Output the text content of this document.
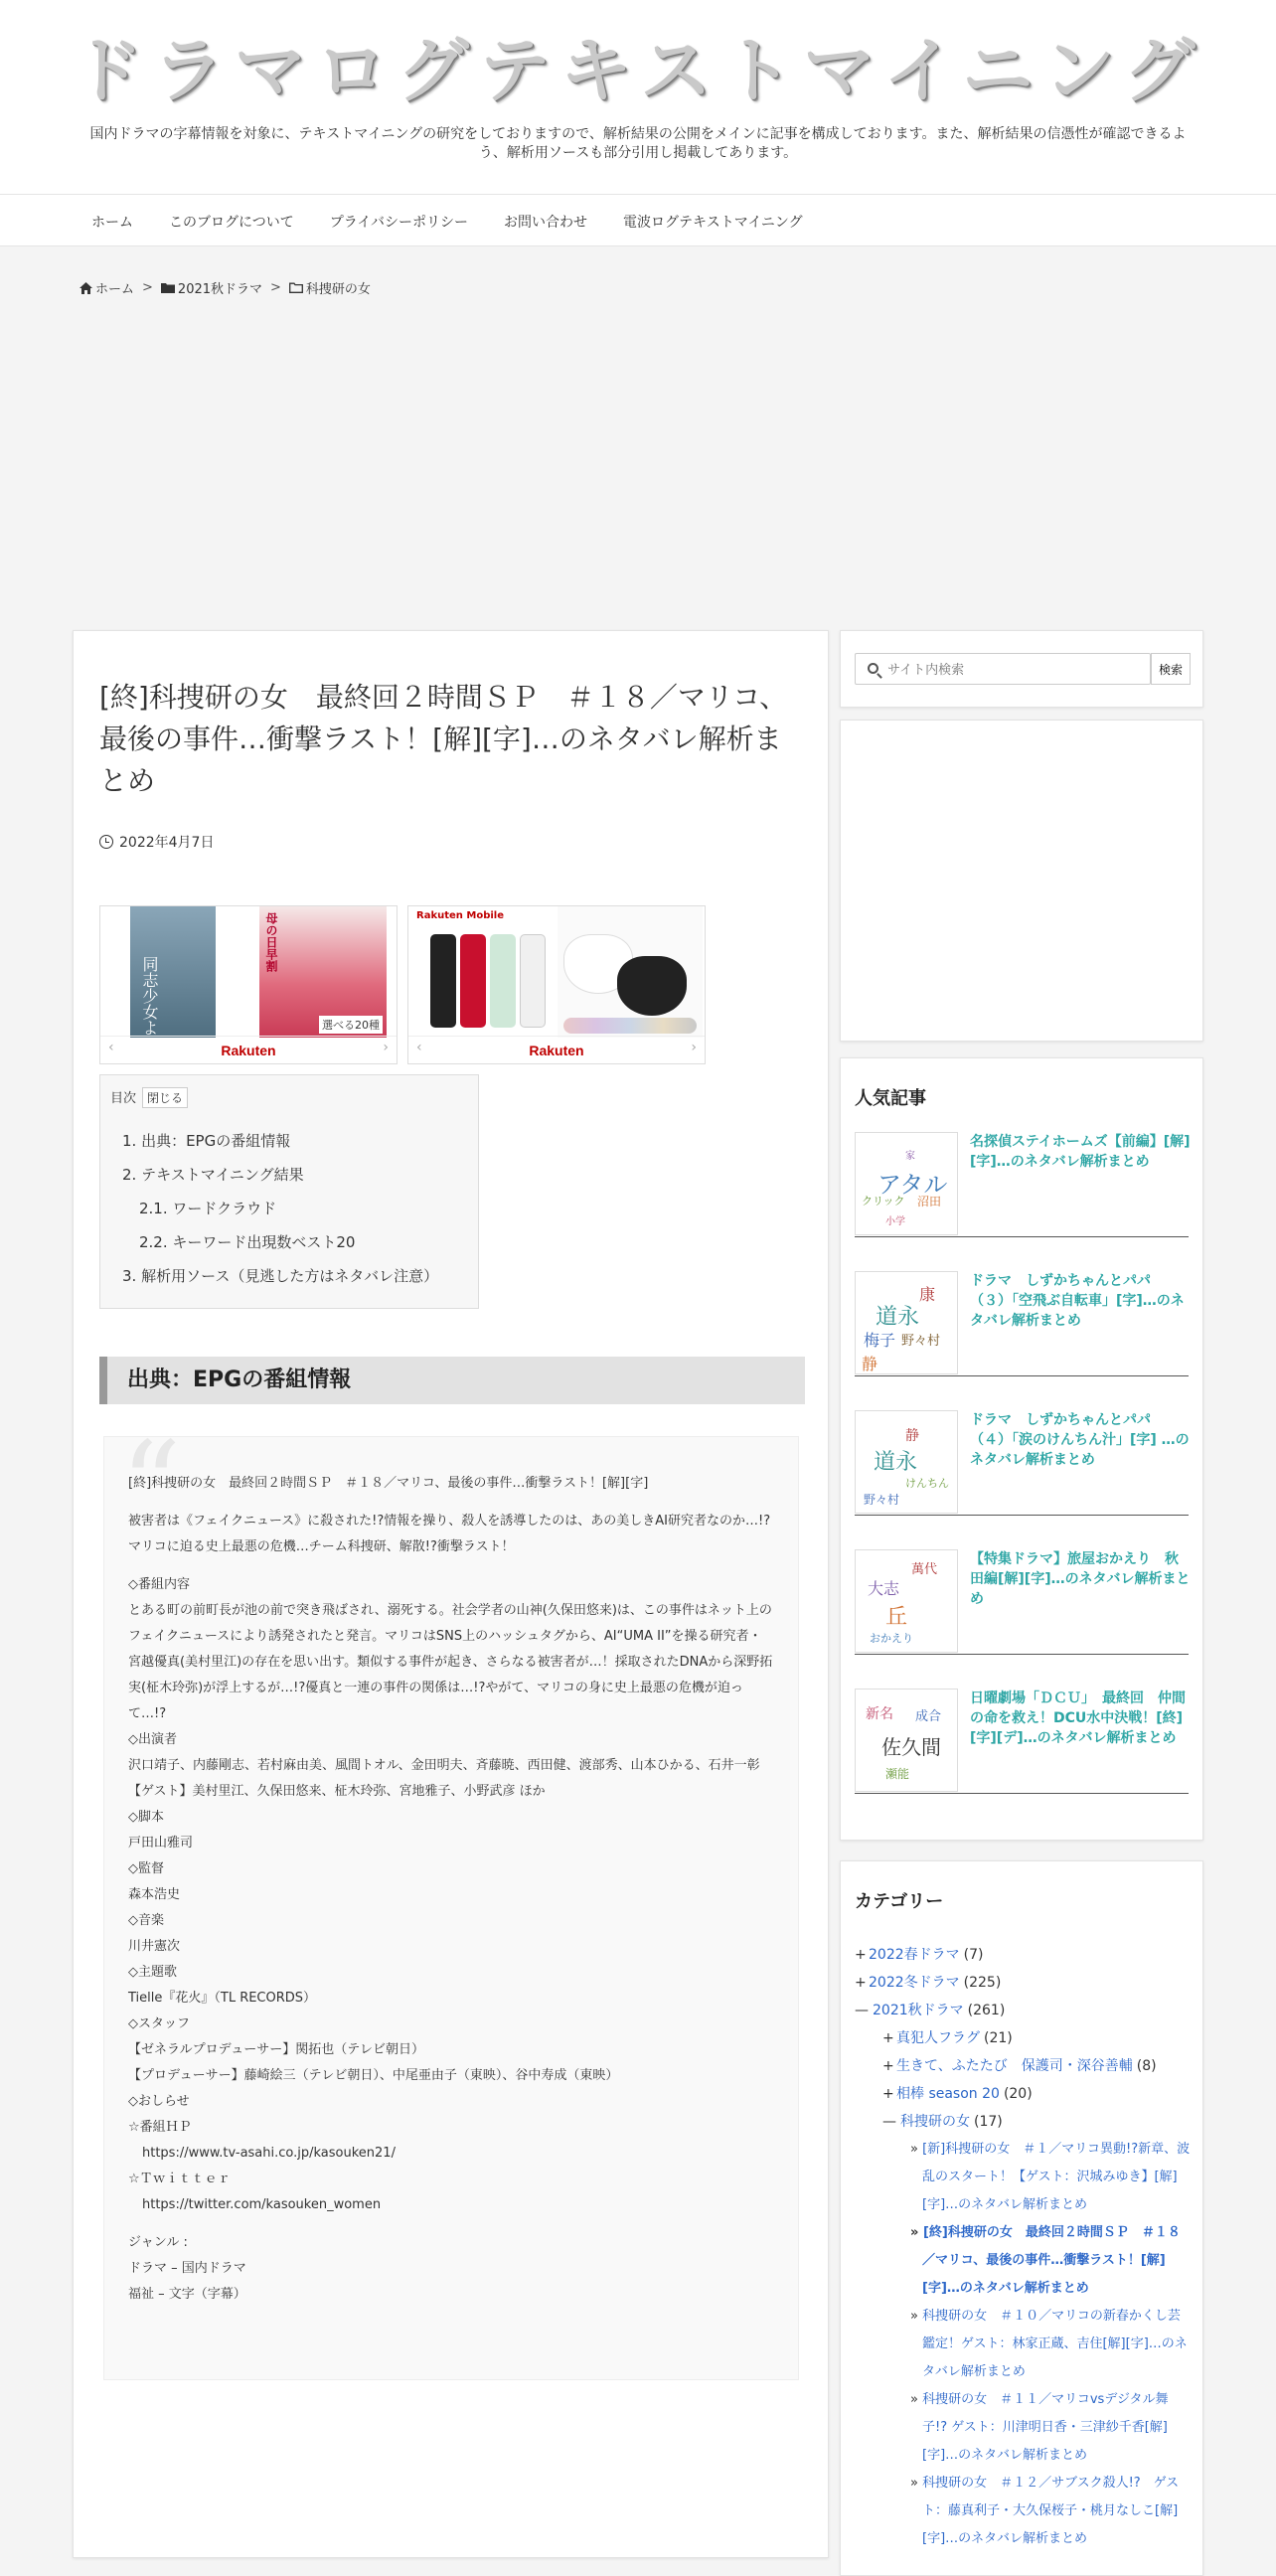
ドラマログテキストマイニング
国内ドラマの字幕情報を対象に、テキストマイニングの研究をしておりますので、解析結果の公開をメインに記事を構成しております。また、解析結果の信憑性が確認できるよう、解析用ソースも部分引用し掲載してあります。
ホーム	このブログについて	プライバシーポリシー	お問い合わせ	電波ログテキストマイニング
ホーム > 2021秋ドラマ > 科捜研の女
[終]科捜研の女　最終回２時間ＳＰ　＃１８／マリコ、最後の事件…衝撃ラスト！[解][字]…のネタバレ解析まとめ
2022年4月7日
同志少女よ
母の日早割
選べる20種
‹	›
Rakuten
Rakuten Mobile
‹	›
Rakuten
目次 閉じる
1. 出典：EPGの番組情報
2. テキストマイニング結果
2.1. ワードクラウド
2.2. キーワード出現数ベスト20
3. 解析用ソース（見逃した方はネタバレ注意）
出典：EPGの番組情報
“

[終]科捜研の女　最終回２時間ＳＰ　＃１８／マリコ、最後の事件…衝撃ラスト！[解][字]

被害者は《フェイクニュース》に殺された!?情報を操り、殺人を誘導したのは、あの美しきAI研究者なのか…!?マリコに迫る史上最悪の危機…チーム科捜研、解散!?衝撃ラスト！

◇番組内容
とある町の前町長が池の前で突き飛ばされ、溺死する。社会学者の山神(久保田悠来)は、この事件はネット上のフェイクニュースにより誘発されたと発言。マリコはSNS上のハッシュタグから、AI“UMA II”を操る研究者・宮越優真(美村里江)の存在を思い出す。類似する事件が起き、さらなる被害者が…！採取されたDNAから深野拓実(柾木玲弥)が浮上するが…!?優真と一連の事件の関係は…!?やがて、マリコの身に史上最悪の危機が迫って…!?
◇出演者
沢口靖子、内藤剛志、若村麻由美、風間トオル、金田明夫、斉藤暁、西田健、渡部秀、山本ひかる、石井一彰
【ゲスト】美村里江、久保田悠来、柾木玲弥、宮地雅子、小野武彦 ほか
◇脚本
戸田山雅司
◇監督
森本浩史
◇音楽
川井憲次
◇主題歌
Tielle『花火』（TL RECORDS）
◇スタッフ
【ゼネラルプロデューサー】関拓也（テレビ朝日）
【プロデューサー】藤崎絵三（テレビ朝日）、中尾亜由子（東映）、谷中寿成（東映）
◇おしらせ
☆番組ＨＰ
https://www.tv-asahi.co.jp/kasouken21/
☆Ｔｗｉｔｔｅｒ

https://twitter.com/kasouken_women

ジャンル :
ドラマ – 国内ドラマ
福祉 – 文字（字幕）
サイト内検索
検索
人気記事
アタル
沼田
クリック
家
小学
名探偵ステイホームズ【前編】[解][字]…のネタバレ解析まとめ
道永
康
梅子 野々村
静
ドラマ　しずかちゃんとパパ　（３）「空飛ぶ自転車」[字]…のネタバレ解析まとめ
道永
静
けんちん
野々村
ドラマ　しずかちゃんとパパ　（４）「涙のけんちん汁」[字] …のネタバレ解析まとめ
大志
丘
萬代
おかえり
【特集ドラマ】旅屋おかえり　秋田編[解][字]…のネタバレ解析まとめ
佐久間
新名 成合
瀬能
日曜劇場「ＤＣＵ」　最終回　仲間の命を救え！DCU水中決戦！[終][字][デ]…のネタバレ解析まとめ
カテゴリー
+ 2022春ドラマ (7)
+ 2022冬ドラマ (225)
— 2021秋ドラマ (261)
+ 真犯人フラグ (21)
+ 生きて、ふたたび　保護司・深谷善輔 (8)
+ 相棒 season 20 (20)
— 科捜研の女 (17)
» [新]科捜研の女　＃１／マリコ異動!?新章、波乱のスタート！【ゲスト：沢城みゆき】[解][字]…のネタバレ解析まとめ
» [終]科捜研の女　最終回２時間ＳＰ　＃１８／マリコ、最後の事件…衝撃ラスト！[解][字]…のネタバレ解析まとめ
» 科捜研の女　＃１０／マリコの新春かくし芸鑑定！ゲスト：林家正蔵、吉住[解][字]…のネタバレ解析まとめ
» 科捜研の女　＃１１／マリコvsデジタル舞子!? ゲスト：川津明日香・三津紗千香[解][字]…のネタバレ解析まとめ
» 科捜研の女　＃１２／サブスク殺人!?　ゲスト：藤真利子・大久保桜子・桃月なしこ[解][字]…のネタバレ解析まとめ
